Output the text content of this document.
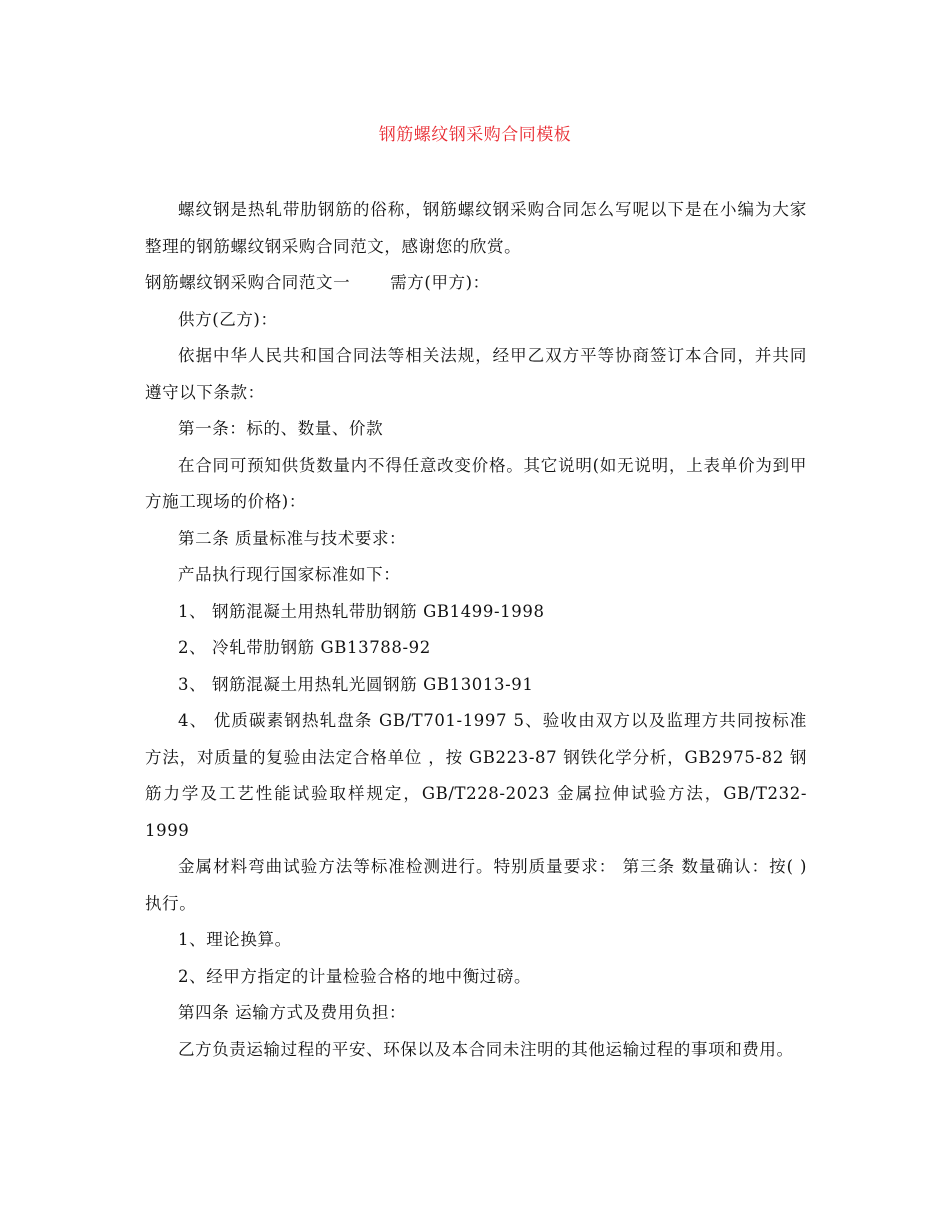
钢筋螺纹钢采购合同模板

螺纹钢是热轧带肋钢筋的俗称，钢筋螺纹钢采购合同怎么写呢以下是在小编为大家整理的钢筋螺纹钢采购合同范文，感谢您的欣赏。

钢筋螺纹钢采购合同范文一 需方(甲方)：

供方(乙方)：

依据中华人民共和国合同法等相关法规，经甲乙双方平等协商签订本合同，并共同遵守以下条款：

第一条：标的、数量、价款

在合同可预知供货数量内不得任意改变价格。其它说明(如无说明，上表单价为到甲方施工现场的价格)：

第二条 质量标准与技术要求：

产品执行现行国家标准如下：

1、 钢筋混凝土用热轧带肋钢筋 GB1499-1998

2、 冷轧带肋钢筋 GB13788-92

3、 钢筋混凝土用热轧光圆钢筋 GB13013-91

4、 优质碳素钢热轧盘条 GB/T701-1997 5、验收由双方以及监理方共同按标准方法，对质量的复验由法定合格单位 ，按 GB223-87 钢铁化学分析，GB2975-82 钢筋力学及工艺性能试验取样规定，GB/T228-2023 金属拉伸试验方法，GB/T232-1999

金属材料弯曲试验方法等标准检测进行。特别质量要求： 第三条 数量确认：按( )执行。

1、理论换算。

2、经甲方指定的计量检验合格的地中衡过磅。

第四条 运输方式及费用负担：

乙方负责运输过程的平安、环保以及本合同未注明的其他运输过程的事项和费用。
